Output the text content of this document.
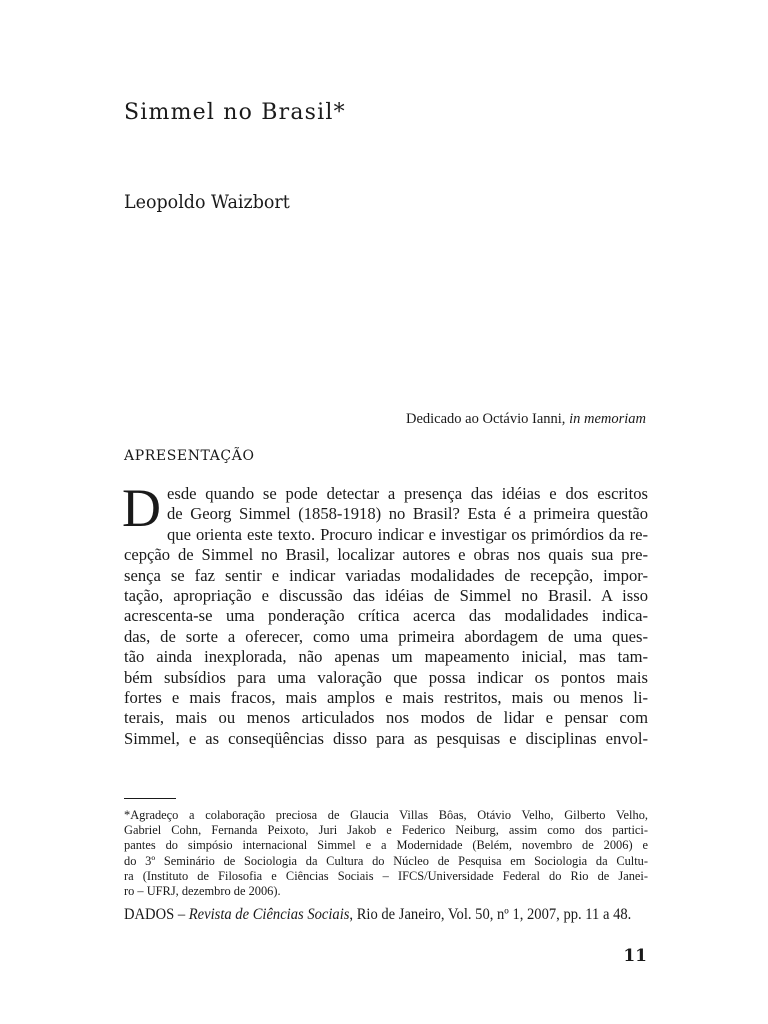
Simmel no Brasil*
Leopoldo Waizbort
Dedicado ao Octávio Ianni, in memoriam
APRESENTAÇÃO
D esde quando se pode detectar a presença das idéias e dos escritos
de Georg Simmel (1858-1918) no Brasil? Esta é a primeira questão
que orienta este texto. Procuro indicar e investigar os primórdios da re-
cepção de Simmel no Brasil, localizar autores e obras nos quais sua pre-
sença se faz sentir e indicar variadas modalidades de recepção, impor-
tação, apropriação e discussão das idéias de Simmel no Brasil. A isso
acrescenta-se uma ponderação crítica acerca das modalidades indica-
das, de sorte a oferecer, como uma primeira abordagem de uma ques-
tão ainda inexplorada, não apenas um mapeamento inicial, mas tam-
bém subsídios para uma valoração que possa indicar os pontos mais
fortes e mais fracos, mais amplos e mais restritos, mais ou menos li-
terais, mais ou menos articulados nos modos de lidar e pensar com
Simmel, e as conseqüências disso para as pesquisas e disciplinas envol-
*Agradeço a colaboração preciosa de Glaucia Villas Bôas, Otávio Velho, Gilberto Velho,
Gabriel Cohn, Fernanda Peixoto, Juri Jakob e Federico Neiburg, assim como dos partici-
pantes do simpósio internacional Simmel e a Modernidade (Belém, novembro de 2006) e
do 3º Seminário de Sociologia da Cultura do Núcleo de Pesquisa em Sociologia da Cultu-
ra (Instituto de Filosofia e Ciências Sociais – IFCS/Universidade Federal do Rio de Janei-
ro – UFRJ, dezembro de 2006).
DADOS – Revista de Ciências Sociais, Rio de Janeiro, Vol. 50, nº 1, 2007, pp. 11 a 48.
11
